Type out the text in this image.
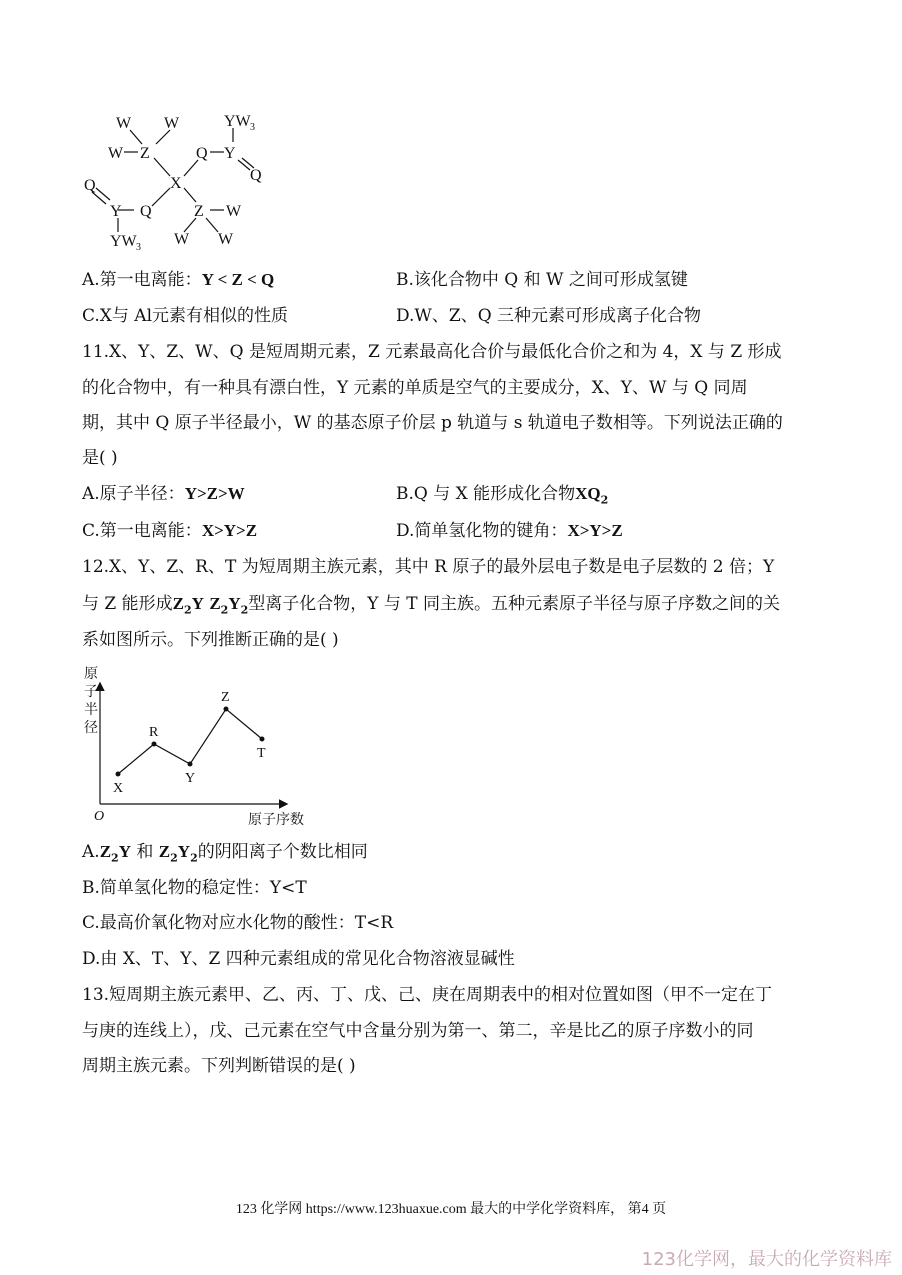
W W
W Z
X
Q Y
YW 3
Q
Q
Y Q	Z W
W W
YW 3
A.第一电离能：Y < Z < Q	B.该化合物中 Q 和 W 之间可形成氢键
C.X与 Al元素有相似的性质	D.W、Z、Q 三种元素可形成离子化合物
11.X、Y、Z、W、Q 是短周期元素，Z 元素最高化合价与最低化合价之和为 4，X 与 Z 形成
的化合物中，有一种具有漂白性，Y 元素的单质是空气的主要成分，X、Y、W 与 Q 同周
期，其中 Q 原子半径最小，W 的基态原子价层 p 轨道与 s 轨道电子数相等。下列说法正确的
是( )
A.原子半径：Y>Z>W	B.Q 与 X 能形成化合物$XQ_2$
C.第一电离能：X>Y>Z	D.简单氢化物的键角：X>Y>Z
12.X、Y、Z、R、T 为短周期主族元素，其中 R 原子的最外层电子数是电子层数的 2 倍；Y
与 Z 能形成$Z_2Y$ $Z_2Y_2$型离子化合物，Y 与 T 同主族。五种元素原子半径与原子序数之间的关
系如图所示。下列推断正确的是( )
原
子
半
径
O	原子序数
X
R
Y
Z
T
$A.Z_2Y$ 和 $Z_2Y_2$的阴阳离子个数比相同
B.简单氢化物的稳定性：Y<T
C.最高价氧化物对应水化物的酸性：T<R
D.由 X、T、Y、Z 四种元素组成的常见化合物溶液显碱性
13.短周期主族元素甲、乙、丙、丁、戊、己、庚在周期表中的相对位置如图（甲不一定在丁
与庚的连线上），戊、己元素在空气中含量分别为第一、第二，辛是比乙的原子序数小的同
周期主族元素。下列判断错误的是( )
123 化学网 https://www.123huaxue.com 最大的中学化学资料库， 第4 页
123化学网，最大的化学资料库
